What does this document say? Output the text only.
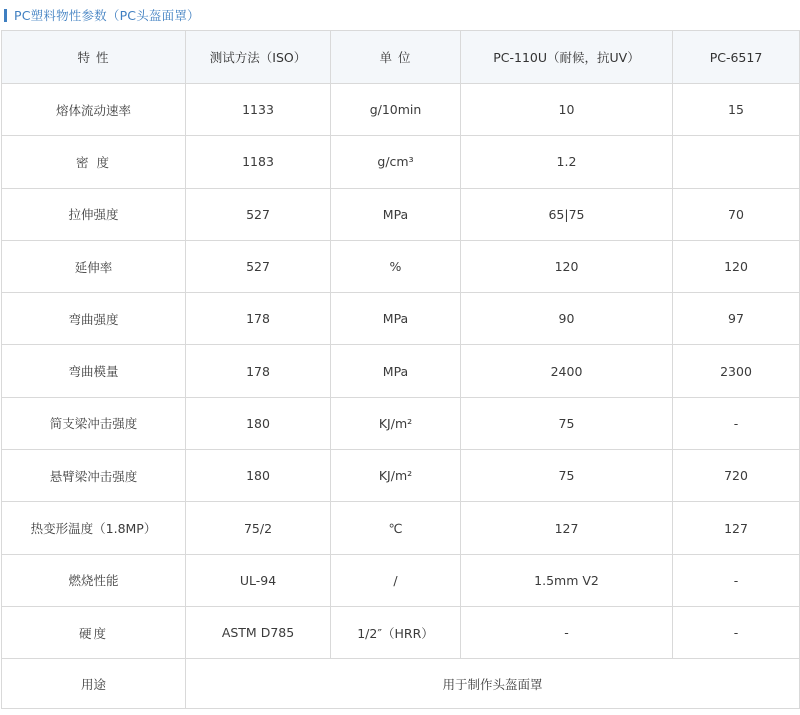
PC塑料物性参数（PC头盔面罩）
特 性	测试方法（ISO）	单 位	PC-110U（耐候，抗UV）	PC-6517
熔体流动速率	1133	g/10min	10	15
密 度	1183	g/cm³	1.2	
拉伸强度	527	MPa	65|75	70
延伸率	527	%	120	120
弯曲强度	178	MPa	90	97
弯曲模量	178	MPa	2400	2300
简支梁冲击强度	180	KJ/m²	75	-
悬臂梁冲击强度	180	KJ/m²	75	720
热变形温度（1.8MP）	75/2	℃	127	127
燃烧性能	UL-94	/	1.5mm V2	-
硬度	ASTM D785	1/2″（HRR）	-	-
用途	用于制作头盔面罩			
